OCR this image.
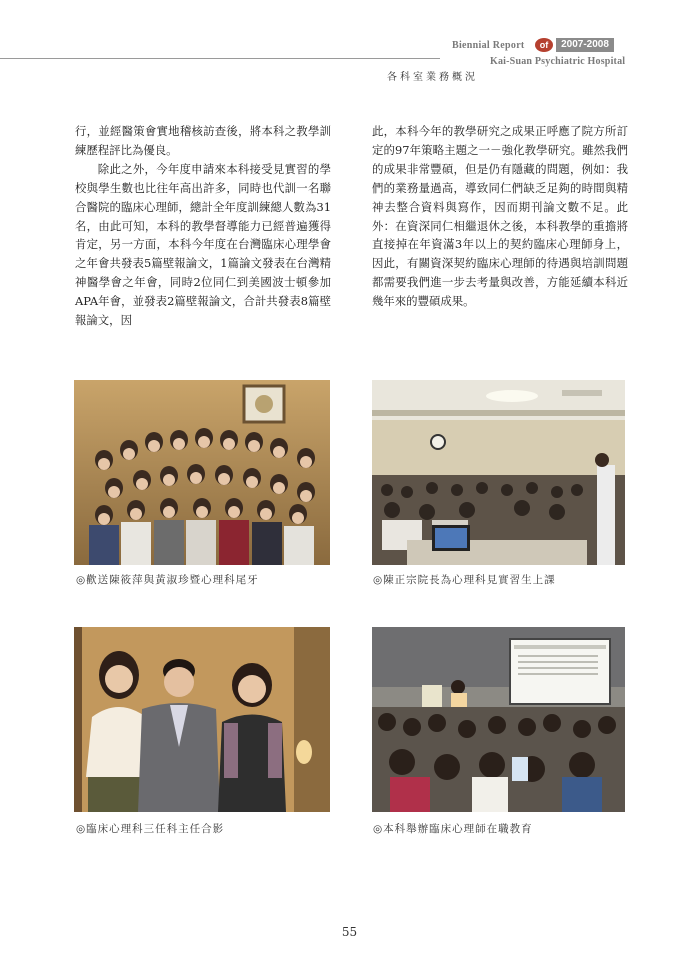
Biennial Report	of	2007-2008
Kai-Suan Psychiatric Hospital
各科室業務概況

行，並經醫策會實地稽核訪查後，將本科之教學訓練歷程評比為優良。

除此之外，今年度申請來本科接受見實習的學校與學生數也比往年高出許多，同時也代訓一名聯合醫院的臨床心理師，總計全年度訓練總人數為31名，由此可知，本科的教學督導能力已經普遍獲得肯定，另一方面，本科今年度在台灣臨床心理學會之年會共發表5篇壁報論文，1篇論文發表在台灣精神醫學會之年會，同時2位同仁到美國波士頓參加APA年會，並發表2篇壁報論文，合計共發表8篇壁報論文，因

此，本科今年的教學研究之成果正呼應了院方所訂定的97年策略主題之一－強化教學研究。雖然我們的成果非常豐碩，但是仍有隱藏的問題，例如：我們的業務量過高，導致同仁們缺乏足夠的時間與精神去整合資料與寫作，因而期刊論文數不足。此外：在資深同仁相繼退休之後，本科教學的重擔將直接掉在年資滿3年以上的契約臨床心理師身上，因此，有關資深契約臨床心理師的待遇與培訓問題都需要我們進一步去考量與改善，方能延續本科近幾年來的豐碩成果。

◎歡送陳筱萍與黃淑珍暨心理科尾牙	◎陳正宗院長為心理科見實習生上課
◎臨床心理科三任科主任合影	◎本科舉辦臨床心理師在職教育
55
